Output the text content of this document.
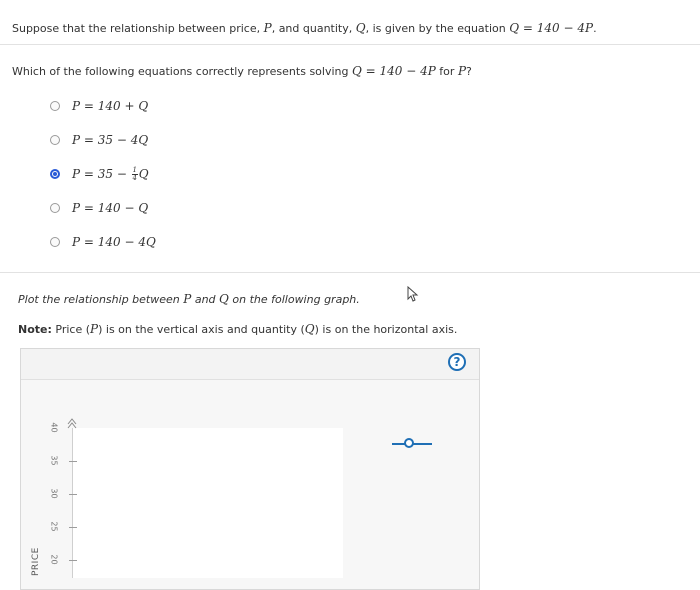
Suppose that the relationship between price, P, and quantity, Q, is given by the equation Q = 140 − 4P.
Which of the following equations correctly represents solving Q = 140 − 4P for P?
P = 140 + Q
P = 35 − 4Q
$P = 35 - \frac{1}{4}$ Q
P = 140 − Q
P = 140 − 4Q
Plot the relationship between P and Q on the following graph.
Note: Price (P) is on the vertical axis and quantity (Q) is on the horizontal axis.
?
40
35
30
25
20
PRICE
